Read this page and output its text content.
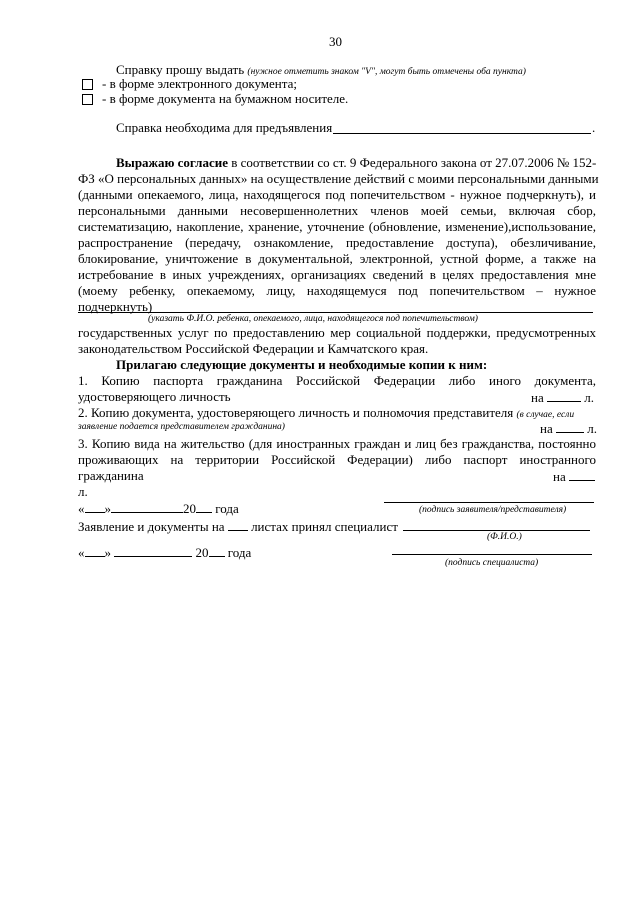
30
Справку прошу выдать (нужное отметить знаком "V", могут быть отмечены оба пункта)
- в форме электронного документа;
- в форме документа на бумажном носителе.
Справка необходима для предъявления	.
Выражаю согласие в соответствии со ст. 9 Федерального закона от 27.07.2006 № 152-
ФЗ «О персональных данных» на осуществление действий с моими персональными данными
(данными опекаемого, лица, находящегося под попечительством - нужное подчеркнуть), и
персональными данными несовершеннолетних членов моей семьи, включая сбор,
систематизацию, накопление, хранение, уточнение (обновление, изменение),использование,
распространение (передачу, ознакомление, предоставление доступа), обезличивание,
блокирование, уничтожение в документальной, электронной, устной форме, а также на
истребование в иных учреждениях, организациях сведений в целях предоставления мне
(моему ребенку, опекаемому, лицу, находящемуся под попечительством – нужное
подчеркнуть)
(указать Ф.И.О. ребенка, опекаемого, лица, находящегося под попечительством)
государственных услуг по предоставлению мер социальной поддержки, предусмотренных
законодательством Российской Федерации и Камчатского края.
Прилагаю следующие документы и необходимые копии к ним:
1. Копию паспорта гражданина Российской Федерации либо иного документа,
удостоверяющего личность	на	л.
2. Копию документа, удостоверяющего личность и полномочия представителя (в случае, если
заявление подается представителем гражданина)	на	л.
3. Копию вида на жительство (для иностранных граждан и лиц без гражданства, постоянно
проживающих на территории Российской Федерации) либо паспорт иностранного
гражданина	на
л.
« »	20 года	(подпись заявителя/представителя)
Заявление и документы на листах принял специалист
(Ф.И.О.)
« »	20 года
(подпись специалиста)
